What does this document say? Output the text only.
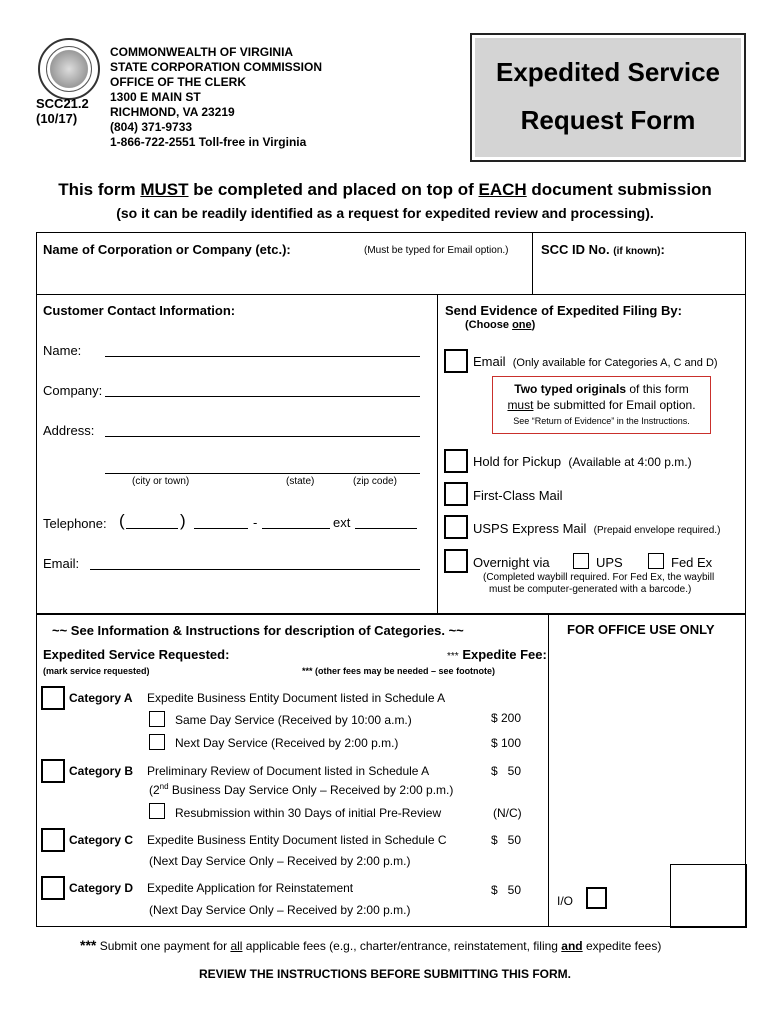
SCC21.2
(10/17)
COMMONWEALTH OF VIRGINIA
STATE CORPORATION COMMISSION
OFFICE OF THE CLERK
1300 E MAIN ST
RICHMOND, VA 23219
(804) 371-9733
1-866-722-2551 Toll-free in Virginia
Expedited Service
Request Form
This form MUST be completed and placed on top of EACH document submission
(so it can be readily identified as a request for expedited review and processing).
Name of Corporation or Company (etc.):	(Must be typed for Email option.) SCC ID No. (if known):
Customer Contact Information:
Name:
Company:
Address:
(city or town)	(state)	(zip code)
Telephone: (	)	-	ext
Email:
Send Evidence of Expedited Filing By:
(Choose one)
Email (Only available for Categories A, C and D)
Two typed originals of this form
must be submitted for Email option.
See “Return of Evidence” in the Instructions.
Hold for Pickup (Available at 4:00 p.m.)
First-Class Mail
USPS Express Mail (Prepaid envelope required.)
Overnight via	UPS	Fed Ex
(Completed waybill required. For Fed Ex, the waybill
must be computer-generated with a barcode.)
~~ See Information & Instructions for description of Categories. ~~
Expedited Service Requested:	*** Expedite Fee:
(mark service requested)	*** (other fees may be needed – see footnote)
FOR OFFICE USE ONLY
Category A Expedite Business Entity Document listed in Schedule A
Same Day Service (Received by 10:00 a.m.)	$ 200
Next Day Service (Received by 2:00 p.m.)	$ 100
Category B Preliminary Review of Document listed in Schedule A	$   50
(2nd Business Day Service Only – Received by 2:00 p.m.)
Resubmission within 30 Days of initial Pre-Review	(N/C)
Category C Expedite Business Entity Document listed in Schedule C	$   50
(Next Day Service Only – Received by 2:00 p.m.)
Category D Expedite Application for Reinstatement	$   50
(Next Day Service Only – Received by 2:00 p.m.)
I/O
*** Submit one payment for all applicable fees (e.g., charter/entrance, reinstatement, filing and expedite fees)
REVIEW THE INSTRUCTIONS BEFORE SUBMITTING THIS FORM.
